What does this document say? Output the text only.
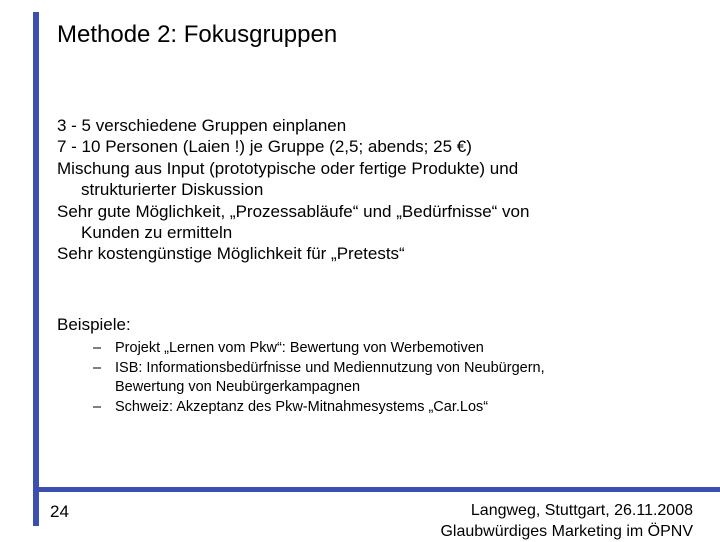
Methode 2: Fokusgruppen
3 - 5 verschiedene Gruppen einplanen
7 - 10 Personen (Laien !) je Gruppe (2,5; abends; 25 €)
Mischung aus Input (prototypische oder fertige Produkte) und
strukturierter Diskussion
Sehr gute Möglichkeit, „Prozessabläufe“ und „Bedürfnisse“ von
Kunden zu ermitteln
Sehr kostengünstige Möglichkeit für „Pretests“
Beispiele:
– Projekt „Lernen vom Pkw“: Bewertung von Werbemotiven
– ISB: Informationsbedürfnisse und Mediennutzung von Neubürgern,
Bewertung von Neubürgerkampagnen
– Schweiz: Akzeptanz des Pkw-Mitnahmesystems „Car.Los“
24	Langweg, Stuttgart, 26.11.2008
Glaubwürdiges Marketing im ÖPNV
